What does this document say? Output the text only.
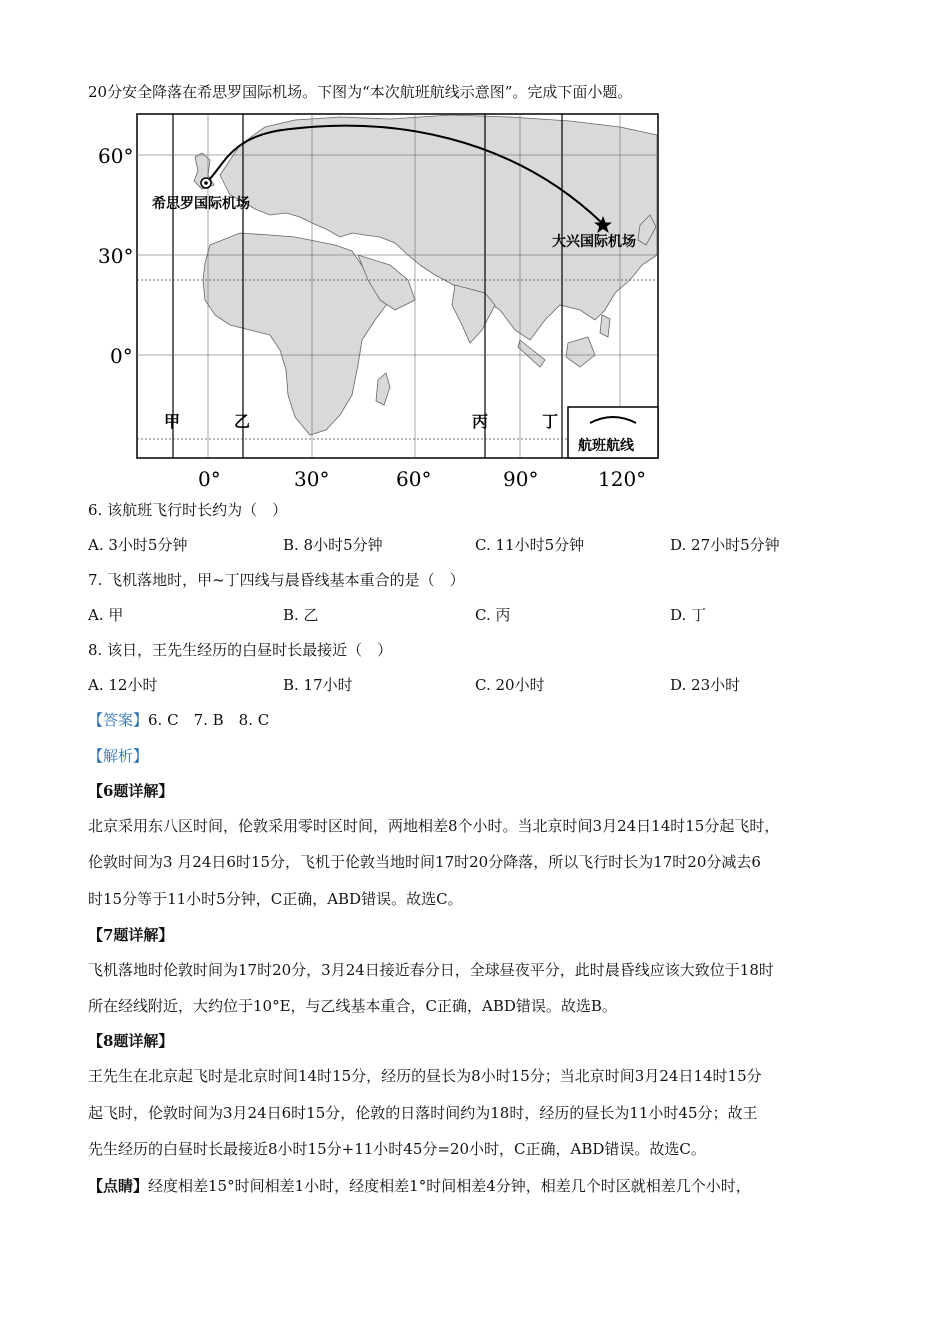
20分安全降落在希思罗国际机场。下图为“本次航班航线示意图”。完成下面小题。
希思罗国际机场
大兴国际机场
60°
30°
0°
0°	30°	60°	90°	120°
甲	乙	丙	丁
航班航线
6. 该航班飞行时长约为（　）
A. 3小时5分钟	B. 8小时5分钟	C. 11小时5分钟	D. 27小时5分钟
7. 飞机落地时，甲~丁四线与晨昏线基本重合的是（　）
A. 甲	B. 乙	C. 丙	D. 丁
8. 该日，王先生经历的白昼时长最接近（　）
A. 12小时	B. 17小时	C. 20小时	D. 23小时
【答案】6. C　7. B　8. C
【解析】
【6题详解】
北京采用东八区时间，伦敦采用零时区时间，两地相差8个小时。当北京时间3月24日14时15分起飞时，
伦敦时间为3 月24日6时15分，飞机于伦敦当地时间17时20分降落，所以飞行时长为17时20分减去6
时15分等于11小时5分钟，C正确，ABD错误。故选C。
【7题详解】
飞机落地时伦敦时间为17时20分，3月24日接近春分日，全球昼夜平分，此时晨昏线应该大致位于18时
所在经线附近，大约位于10°E，与乙线基本重合，C正确，ABD错误。故选B。
【8题详解】
王先生在北京起飞时是北京时间14时15分，经历的昼长为8小时15分；当北京时间3月24日14时15分
起飞时，伦敦时间为3月24日6时15分，伦敦的日落时间约为18时，经历的昼长为11小时45分；故王
先生经历的白昼时长最接近8小时15分+11小时45分=20小时，C正确，ABD错误。故选C。
【点睛】经度相差15°时间相差1小时，经度相差1°时间相差4分钟，相差几个时区就相差几个小时，
